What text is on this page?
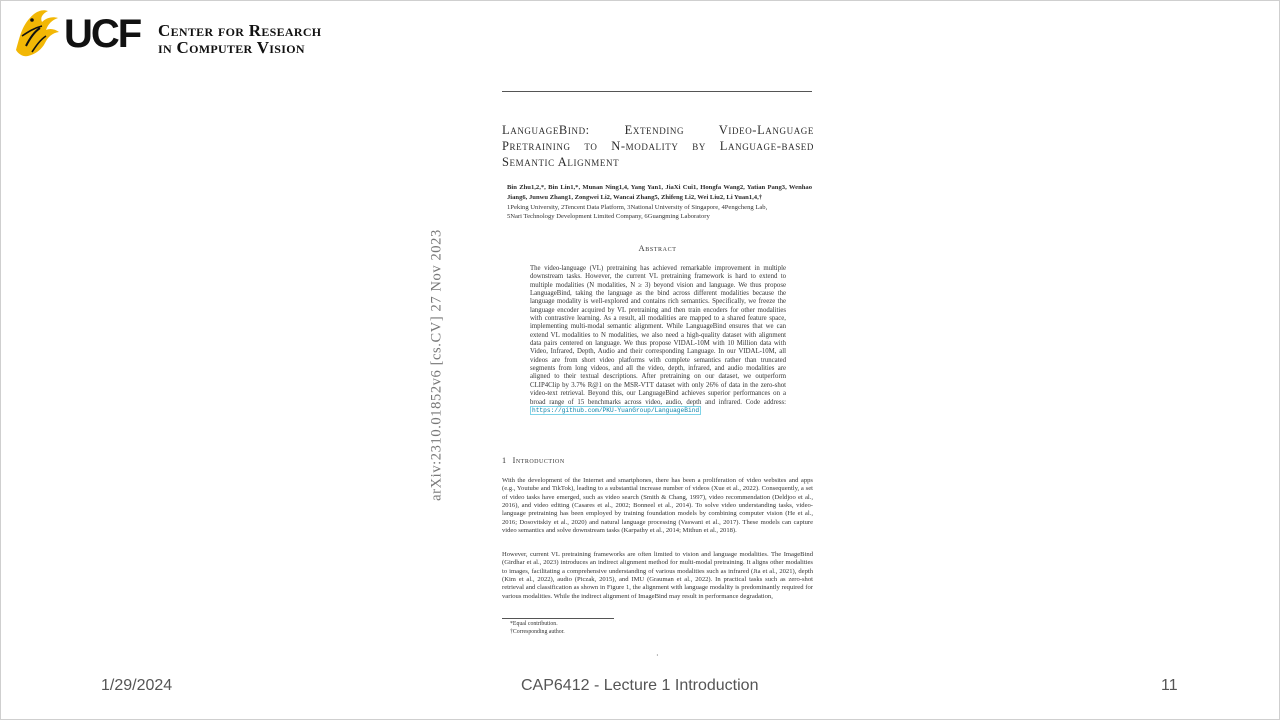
UCF Center for Research
in Computer Vision
arXiv:2310.01852v6 [cs.CV] 27 Nov 2023
LanguageBind: Extending Video-Language Pretraining to N-modality by Language-based Semantic Alignment

Bin Zhu1,2,*, Bin Lin1,*, Munan Ning1,4, Yang Yan1, JiaXi Cui1, Hongfa Wang2, Yatian Pang3, Wenhao Jiang6, Junwu Zhang1, Zongwei Li2, Wancai Zhang5, Zhifeng Li2, Wei Liu2, Li Yuan1,4,†

1Peking University, 2Tencent Data Platform, 3National University of Singapore, 4Pengcheng Lab,
5Nari Technology Development Limited Company, 6Guangming Laboratory
Abstract

The video-language (VL) pretraining has achieved remarkable improvement in multiple downstream tasks. However, the current VL pretraining framework is hard to extend to multiple modalities (N modalities, N ≥ 3) beyond vision and language. We thus propose LanguageBind, taking the language as the bind across different modalities because the language modality is well-explored and contains rich semantics. Specifically, we freeze the language encoder acquired by VL pretraining and then train encoders for other modalities with contrastive learning. As a result, all modalities are mapped to a shared feature space, implementing multi-modal semantic alignment. While LanguageBind ensures that we can extend VL modalities to N modalities, we also need a high-quality dataset with alignment data pairs centered on language. We thus propose VIDAL-10M with 10 Million data with Video, Infrared, Depth, Audio and their corresponding Language. In our VIDAL-10M, all videos are from short video platforms with complete semantics rather than truncated segments from long videos, and all the video, depth, infrared, and audio modalities are aligned to their textual descriptions. After pretraining on our dataset, we outperform CLIP4Clip by 3.7% R@1 on the MSR-VTT dataset with only 26% of data in the zero-shot video-text retrieval. Beyond this, our LanguageBind achieves superior performances on a broad range of 15 benchmarks across video, audio, depth and infrared. Code address: https://github.com/PKU-YuanGroup/LanguageBind

1 Introduction

With the development of the Internet and smartphones, there has been a proliferation of video websites and apps (e.g., Youtube and TikTok), leading to a substantial increase number of videos (Xue et al., 2022). Consequently, a set of video tasks have emerged, such as video search (Smith & Chang, 1997), video recommendation (Deldjoo et al., 2016), and video editing (Casares et al., 2002; Bonneel et al., 2014). To solve video understanding tasks, video-language pretraining has been employed by training foundation models by combining computer vision (He et al., 2016; Dosovitskiy et al., 2020) and natural language processing (Vaswani et al., 2017). These models can capture video semantics and solve downstream tasks (Karpathy et al., 2014; Mithun et al., 2018).

However, current VL pretraining frameworks are often limited to vision and language modalities. The ImageBind (Girdhar et al., 2023) introduces an indirect alignment method for multi-modal pretraining. It aligns other modalities to images, facilitating a comprehensive understanding of various modalities such as infrared (Jia et al., 2021), depth (Kim et al., 2022), audio (Piczak, 2015), and IMU (Grauman et al., 2022). In practical tasks such as zero-shot retrieval and classification as shown in Figure 1, the alignment with language modality is predominantly required for various modalities. While the indirect alignment of ImageBind may result in performance degradation,

*Equal contribution.

†Corresponding author.

·

1/29/2024	CAP6412 - Lecture 1 Introduction	11
